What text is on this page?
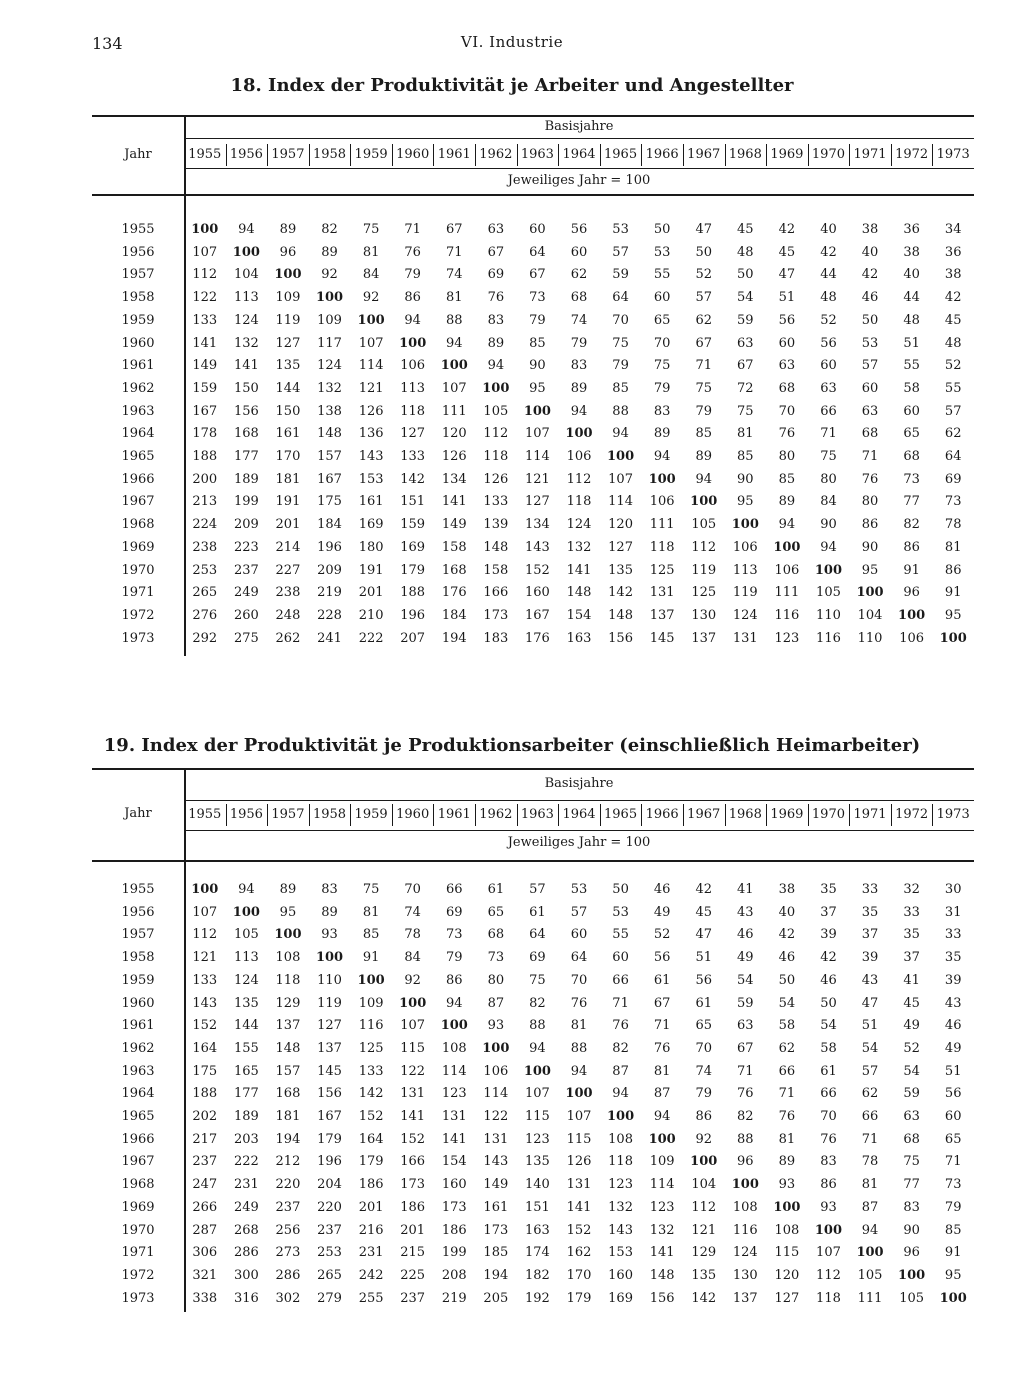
134	VI. Industrie
18. Index der Produktivität je Arbeiter und Angestellter
Jahr
Basisjahre
Jeweiliges Jahr = 100
1955 1956 1957 1958 1959 1960 1961 1962 1963 1964 1965 1966 1967 1968 1969 1970 1971 1972 1973
1955	100	94	89	82	75	71	67	63	60	56	53	50	47	45	42	40	38	36	34
1956	107	100	96	89	81	76	71	67	64	60	57	53	50	48	45	42	40	38	36
1957	112	104	100	92	84	79	74	69	67	62	59	55	52	50	47	44	42	40	38
1958	122	113	109	100	92	86	81	76	73	68	64	60	57	54	51	48	46	44	42
1959	133	124	119	109	100	94	88	83	79	74	70	65	62	59	56	52	50	48	45
1960	141	132	127	117	107	100	94	89	85	79	75	70	67	63	60	56	53	51	48
1961	149	141	135	124	114	106	100	94	90	83	79	75	71	67	63	60	57	55	52
1962	159	150	144	132	121	113	107	100	95	89	85	79	75	72	68	63	60	58	55
1963	167	156	150	138	126	118	111	105	100	94	88	83	79	75	70	66	63	60	57
1964	178	168	161	148	136	127	120	112	107	100	94	89	85	81	76	71	68	65	62
1965	188	177	170	157	143	133	126	118	114	106	100	94	89	85	80	75	71	68	64
1966	200	189	181	167	153	142	134	126	121	112	107	100	94	90	85	80	76	73	69
1967	213	199	191	175	161	151	141	133	127	118	114	106	100	95	89	84	80	77	73
1968	224	209	201	184	169	159	149	139	134	124	120	111	105	100	94	90	86	82	78
1969	238	223	214	196	180	169	158	148	143	132	127	118	112	106	100	94	90	86	81
1970	253	237	227	209	191	179	168	158	152	141	135	125	119	113	106	100	95	91	86
1971	265	249	238	219	201	188	176	166	160	148	142	131	125	119	111	105	100	96	91
1972	276	260	248	228	210	196	184	173	167	154	148	137	130	124	116	110	104	100	95
1973	292	275	262	241	222	207	194	183	176	163	156	145	137	131	123	116	110	106	100
19. Index der Produktivität je Produktionsarbeiter (einschließlich Heimarbeiter)
Jahr
Basisjahre
Jeweiliges Jahr = 100
1955 1956 1957 1958 1959 1960 1961 1962 1963 1964 1965 1966 1967 1968 1969 1970 1971 1972 1973
1955	100	94	89	83	75	70	66	61	57	53	50	46	42	41	38	35	33	32	30
1956	107	100	95	89	81	74	69	65	61	57	53	49	45	43	40	37	35	33	31
1957	112	105	100	93	85	78	73	68	64	60	55	52	47	46	42	39	37	35	33
1958	121	113	108	100	91	84	79	73	69	64	60	56	51	49	46	42	39	37	35
1959	133	124	118	110	100	92	86	80	75	70	66	61	56	54	50	46	43	41	39
1960	143	135	129	119	109	100	94	87	82	76	71	67	61	59	54	50	47	45	43
1961	152	144	137	127	116	107	100	93	88	81	76	71	65	63	58	54	51	49	46
1962	164	155	148	137	125	115	108	100	94	88	82	76	70	67	62	58	54	52	49
1963	175	165	157	145	133	122	114	106	100	94	87	81	74	71	66	61	57	54	51
1964	188	177	168	156	142	131	123	114	107	100	94	87	79	76	71	66	62	59	56
1965	202	189	181	167	152	141	131	122	115	107	100	94	86	82	76	70	66	63	60
1966	217	203	194	179	164	152	141	131	123	115	108	100	92	88	81	76	71	68	65
1967	237	222	212	196	179	166	154	143	135	126	118	109	100	96	89	83	78	75	71
1968	247	231	220	204	186	173	160	149	140	131	123	114	104	100	93	86	81	77	73
1969	266	249	237	220	201	186	173	161	151	141	132	123	112	108	100	93	87	83	79
1970	287	268	256	237	216	201	186	173	163	152	143	132	121	116	108	100	94	90	85
1971	306	286	273	253	231	215	199	185	174	162	153	141	129	124	115	107	100	96	91
1972	321	300	286	265	242	225	208	194	182	170	160	148	135	130	120	112	105	100	95
1973	338	316	302	279	255	237	219	205	192	179	169	156	142	137	127	118	111	105	100
